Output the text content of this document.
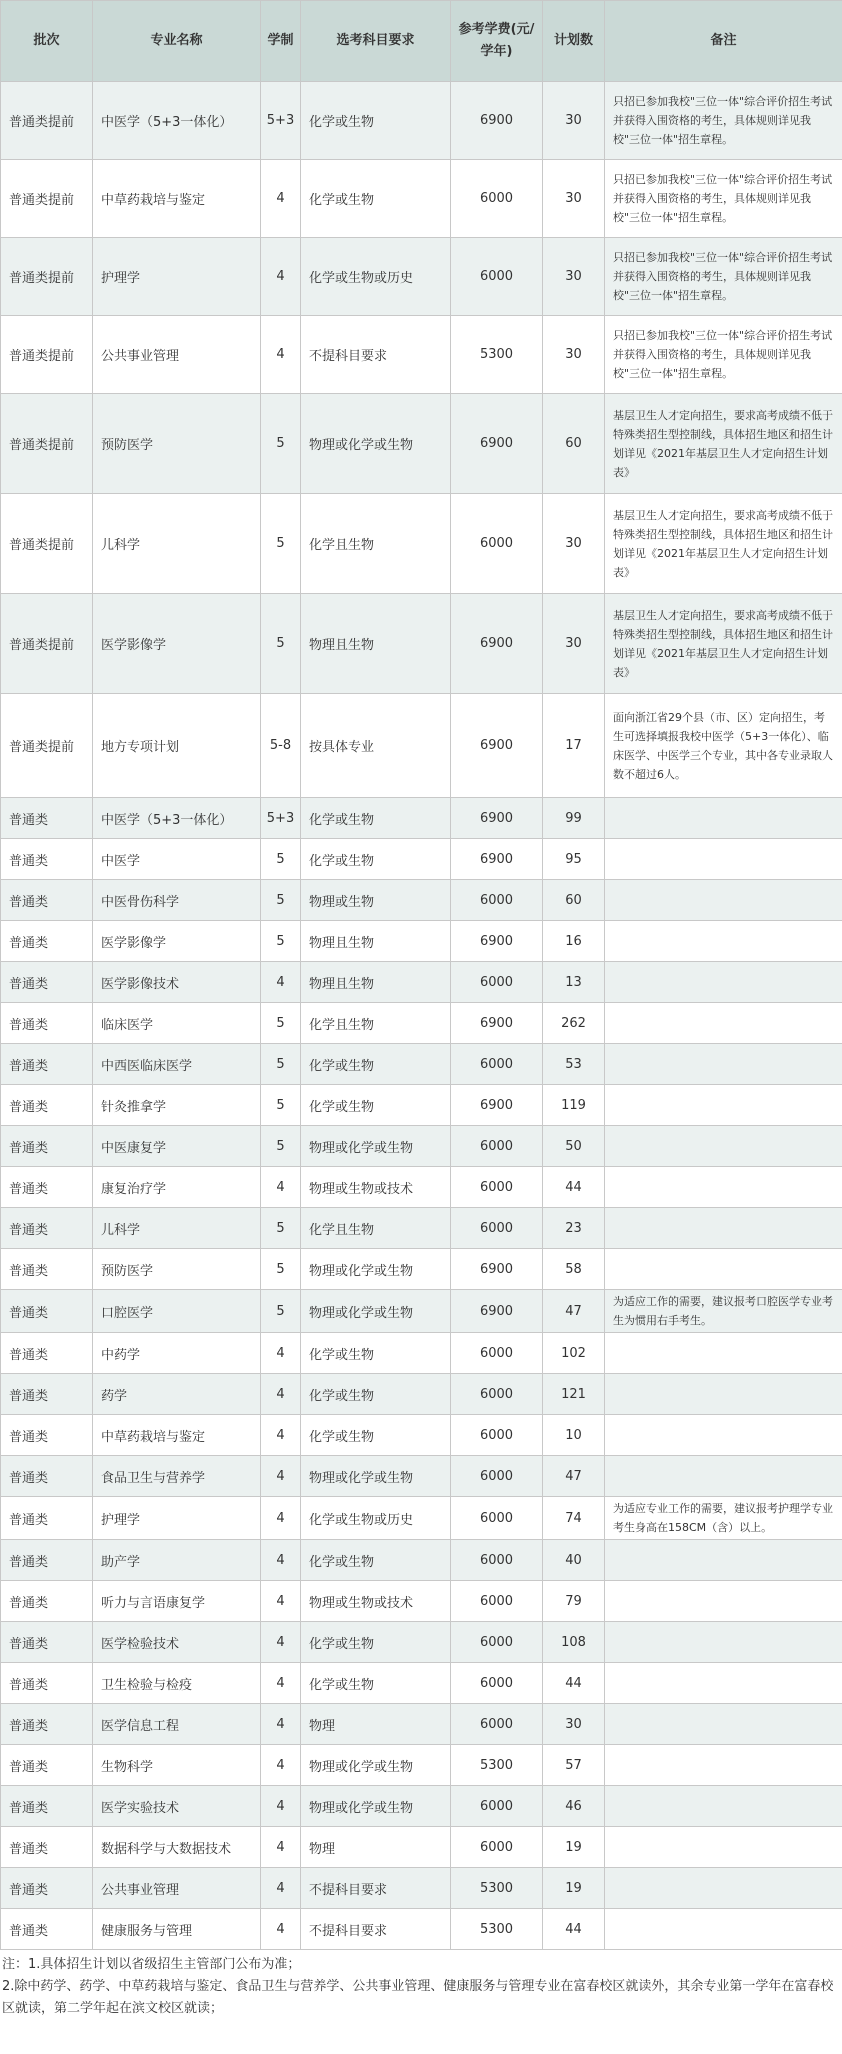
批次	专业名称	学制	选考科目要求	参考学费(元/学年)	计划数	备注
普通类提前	中医学（5+3一体化）	5+3	化学或生物	6900	30	只招已参加我校"三位一体"综合评价招生考试并获得入围资格的考生，具体规则详见我校"三位一体"招生章程。
普通类提前	中草药栽培与鉴定	4	化学或生物	6000	30	只招已参加我校"三位一体"综合评价招生考试并获得入围资格的考生，具体规则详见我校"三位一体"招生章程。
普通类提前	护理学	4	化学或生物或历史	6000	30	只招已参加我校"三位一体"综合评价招生考试并获得入围资格的考生，具体规则详见我校"三位一体"招生章程。
普通类提前	公共事业管理	4	不提科目要求	5300	30	只招已参加我校"三位一体"综合评价招生考试并获得入围资格的考生，具体规则详见我校"三位一体"招生章程。
普通类提前	预防医学	5	物理或化学或生物	6900	60	基层卫生人才定向招生，要求高考成绩不低于特殊类招生型控制线，具体招生地区和招生计划详见《2021年基层卫生人才定向招生计划表》
普通类提前	儿科学	5	化学且生物	6000	30	基层卫生人才定向招生，要求高考成绩不低于特殊类招生型控制线，具体招生地区和招生计划详见《2021年基层卫生人才定向招生计划表》
普通类提前	医学影像学	5	物理且生物	6900	30	基层卫生人才定向招生，要求高考成绩不低于特殊类招生型控制线，具体招生地区和招生计划详见《2021年基层卫生人才定向招生计划表》
普通类提前	地方专项计划	5-8	按具体专业	6900	17	面向浙江省29个县（市、区）定向招生，考生可选择填报我校中医学（5+3一体化）、临床医学、中医学三个专业，其中各专业录取人数不超过6人。
普通类	中医学（5+3一体化）	5+3	化学或生物	6900	99	
普通类	中医学	5	化学或生物	6900	95	
普通类	中医骨伤科学	5	物理或生物	6000	60	
普通类	医学影像学	5	物理且生物	6900	16	
普通类	医学影像技术	4	物理且生物	6000	13	
普通类	临床医学	5	化学且生物	6900	262	
普通类	中西医临床医学	5	化学或生物	6000	53	
普通类	针灸推拿学	5	化学或生物	6900	119	
普通类	中医康复学	5	物理或化学或生物	6000	50	
普通类	康复治疗学	4	物理或生物或技术	6000	44	
普通类	儿科学	5	化学且生物	6000	23	
普通类	预防医学	5	物理或化学或生物	6900	58	
普通类	口腔医学	5	物理或化学或生物	6900	47	为适应工作的需要，建议报考口腔医学专业考生为惯用右手考生。
普通类	中药学	4	化学或生物	6000	102	
普通类	药学	4	化学或生物	6000	121	
普通类	中草药栽培与鉴定	4	化学或生物	6000	10	
普通类	食品卫生与营养学	4	物理或化学或生物	6000	47	
普通类	护理学	4	化学或生物或历史	6000	74	为适应专业工作的需要，建议报考护理学专业考生身高在158CM（含）以上。
普通类	助产学	4	化学或生物	6000	40	
普通类	听力与言语康复学	4	物理或生物或技术	6000	79	
普通类	医学检验技术	4	化学或生物	6000	108	
普通类	卫生检验与检疫	4	化学或生物	6000	44	
普通类	医学信息工程	4	物理	6000	30	
普通类	生物科学	4	物理或化学或生物	5300	57	
普通类	医学实验技术	4	物理或化学或生物	6000	46	
普通类	数据科学与大数据技术	4	物理	6000	19	
普通类	公共事业管理	4	不提科目要求	5300	19	
普通类	健康服务与管理	4	不提科目要求	5300	44	
注：1.具体招生计划以省级招生主管部门公布为准；
2.除中药学、药学、中草药栽培与鉴定、食品卫生与营养学、公共事业管理、健康服务与管理专业在富春校区就读外，其余专业第一学年在富春校区就读，第二学年起在滨文校区就读；
